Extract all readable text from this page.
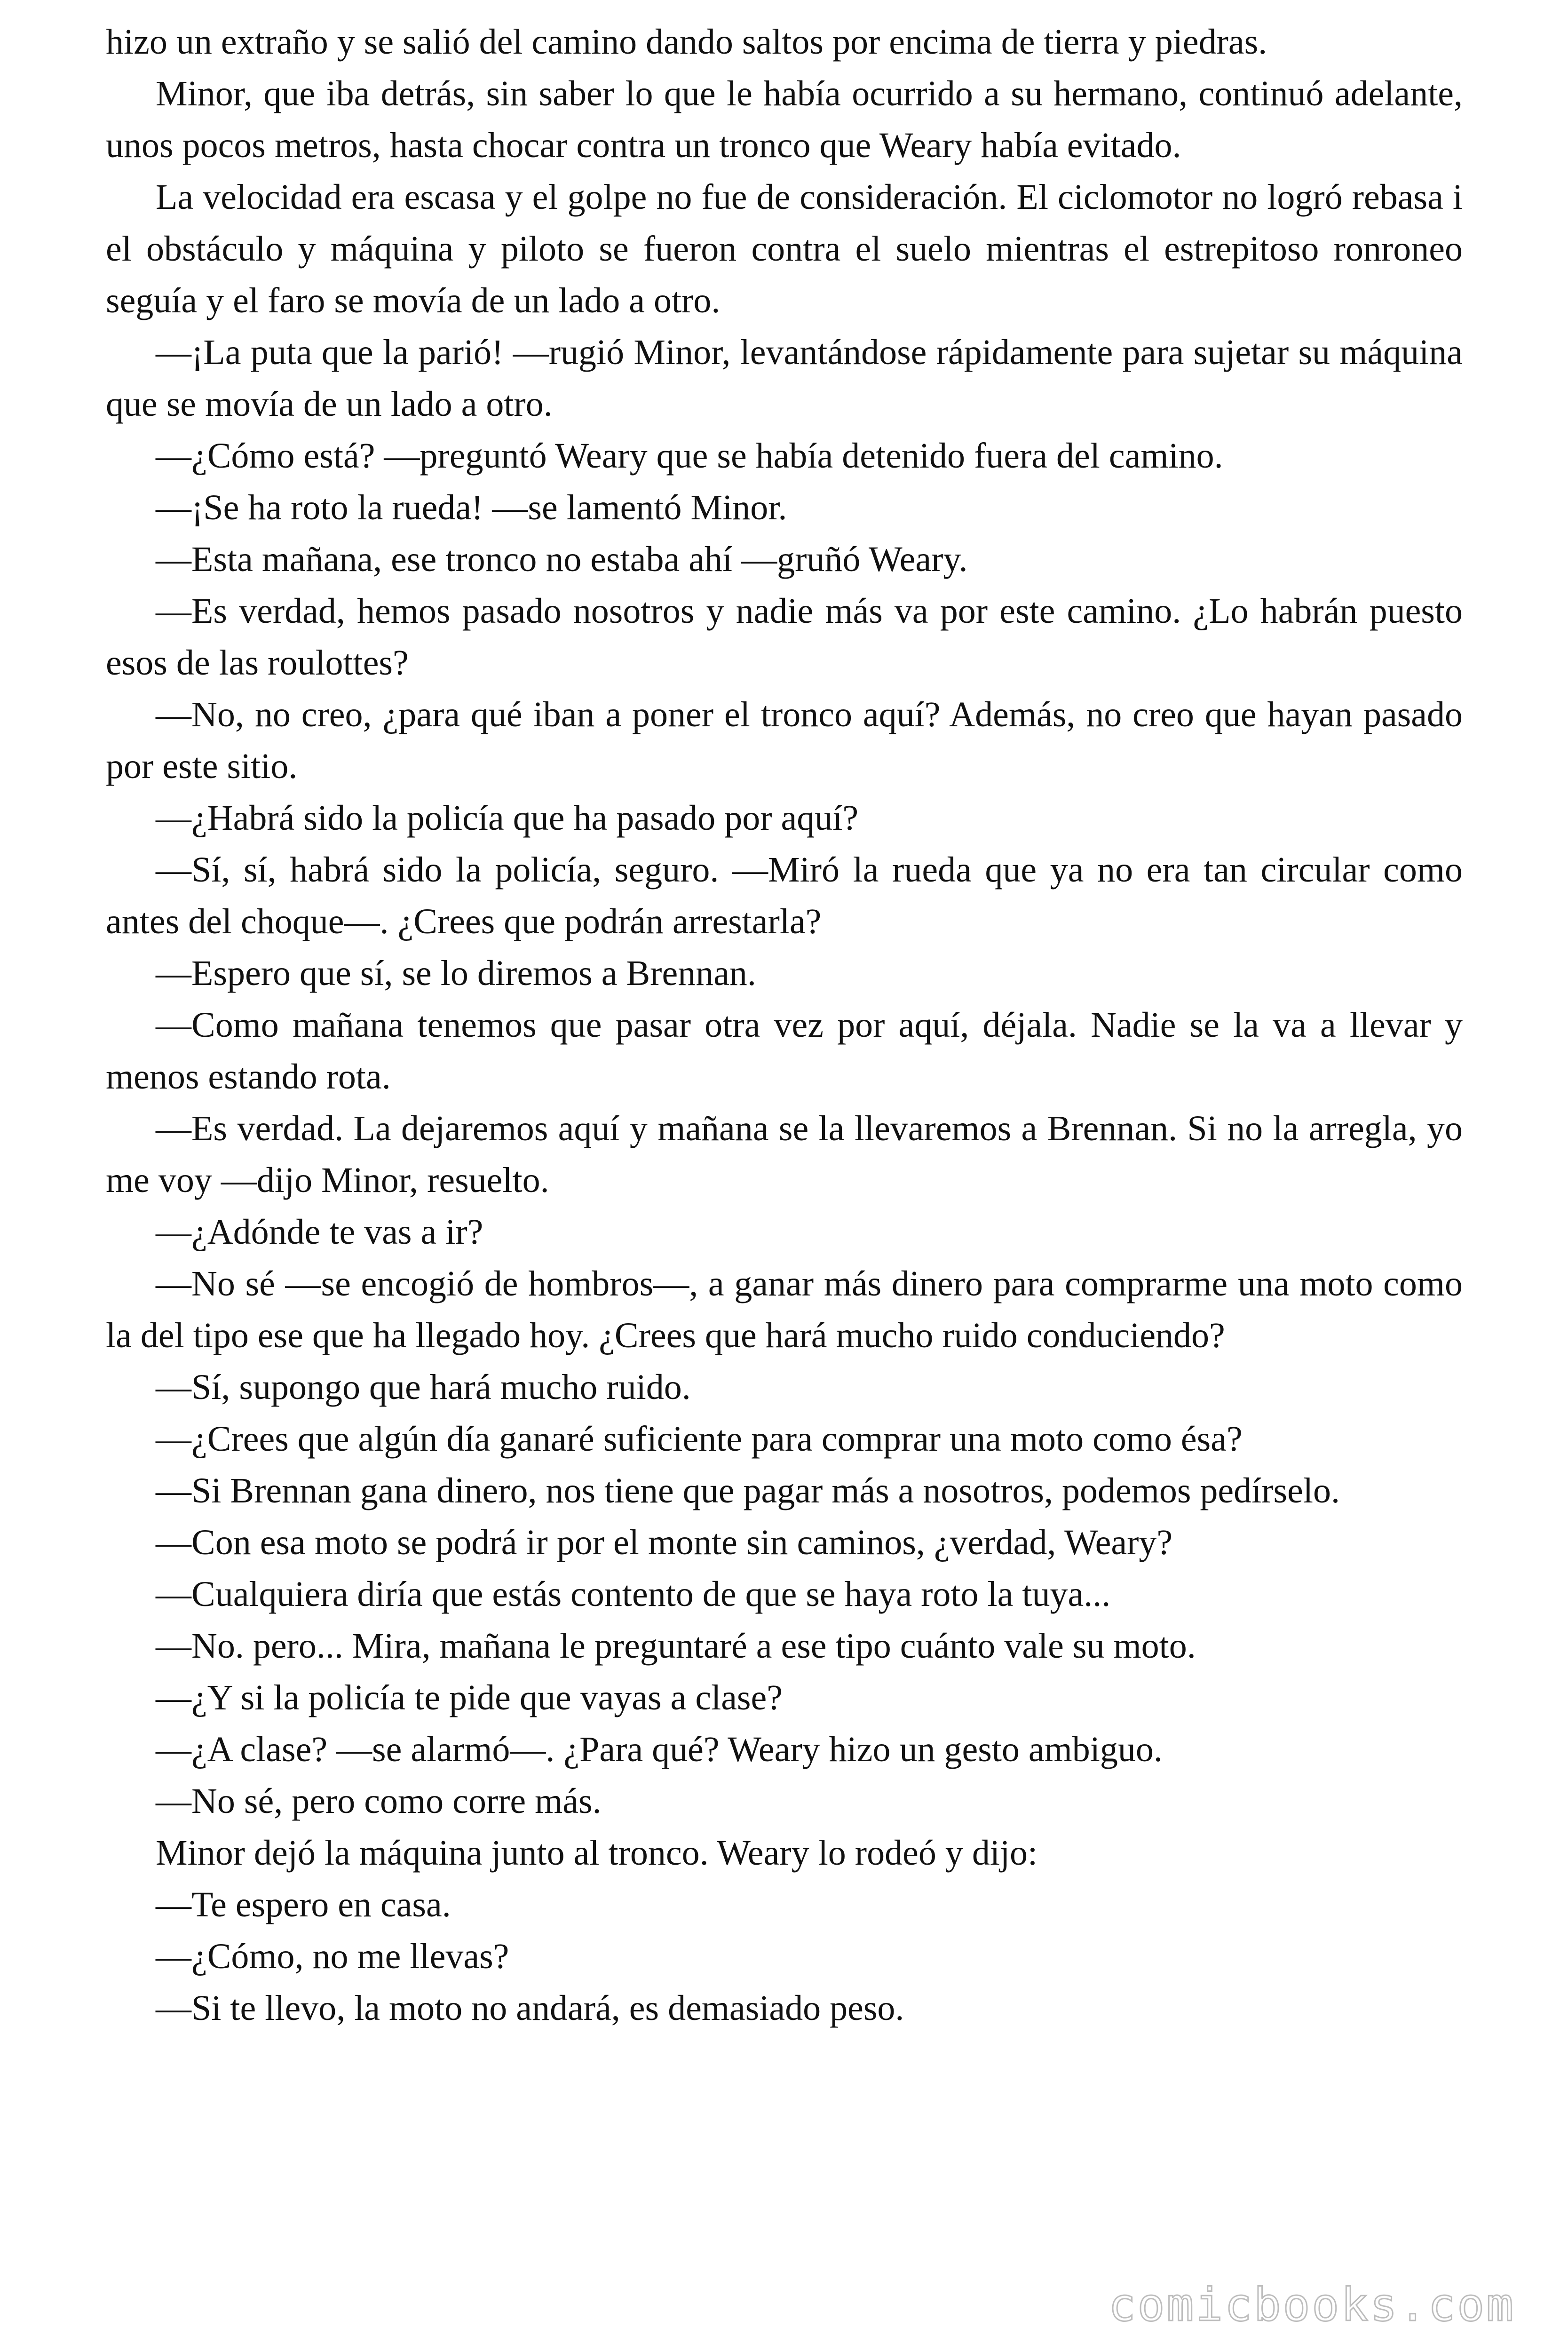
hizo un extraño y se salió del camino dando saltos por encima de tierra y piedras.

Minor, que iba detrás, sin saber lo que le había ocurrido a su hermano, continuó adelante, unos pocos metros, hasta chocar contra un tronco que Weary había evitado.

La velocidad era escasa y el golpe no fue de consideración. El ciclomotor no logró rebasa i el obstáculo y máquina y piloto se fueron contra el suelo mientras el estrepitoso ronroneo seguía y el faro se movía de un lado a otro.

—¡La puta que la parió! —rugió Minor, levantándose rápidamente para sujetar su máquina que se movía de un lado a otro.

—¿Cómo está? —preguntó Weary que se había detenido fuera del camino.

—¡Se ha roto la rueda! —se lamentó Minor.

—Esta mañana, ese tronco no estaba ahí —gruñó Weary.

—Es verdad, hemos pasado nosotros y nadie más va por este camino. ¿Lo habrán puesto esos de las roulottes?

—No, no creo, ¿para qué iban a poner el tronco aquí? Además, no creo que hayan pasado por este sitio.

—¿Habrá sido la policía que ha pasado por aquí?

—Sí, sí, habrá sido la policía, seguro. —Miró la rueda que ya no era tan circular como antes del choque—. ¿Crees que podrán arrestarla?

—Espero que sí, se lo diremos a Brennan.

—Como mañana tenemos que pasar otra vez por aquí, déjala. Nadie se la va a llevar y menos estando rota.

—Es verdad. La dejaremos aquí y mañana se la llevaremos a Brennan. Si no la arregla, yo me voy —dijo Minor, resuelto.

—¿Adónde te vas a ir?

—No sé —se encogió de hombros—, a ganar más dinero para comprarme una moto como la del tipo ese que ha llegado hoy. ¿Crees que hará mucho ruido conduciendo?

—Sí, supongo que hará mucho ruido.

—¿Crees que algún día ganaré suficiente para comprar una moto como ésa?

—Si Brennan gana dinero, nos tiene que pagar más a nosotros, podemos pedírselo.

—Con esa moto se podrá ir por el monte sin caminos, ¿verdad, Weary?

—Cualquiera diría que estás contento de que se haya roto la tuya...

—No. pero... Mira, mañana le preguntaré a ese tipo cuánto vale su moto.

—¿Y si la policía te pide que vayas a clase?

—¿A clase? —se alarmó—. ¿Para qué? Weary hizo un gesto ambiguo.

—No sé, pero como corre más.

Minor dejó la máquina junto al tronco. Weary lo rodeó y dijo:

—Te espero en casa.

—¿Cómo, no me llevas?

—Si te llevo, la moto no andará, es demasiado peso.

comicbooks.com
